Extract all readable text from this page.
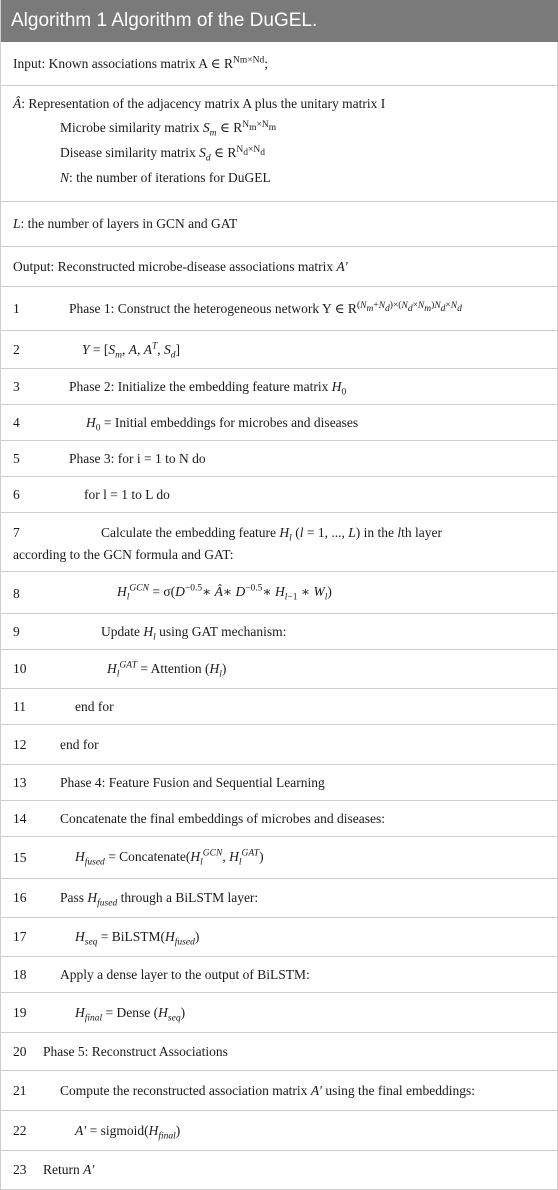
Algorithm 1 Algorithm of the DuGEL.
Input: Known associations matrix A ∈ $R^{Nm\times Nd}$;
Â: Representation of the adjacency matrix A plus the unitary matrix I
Microbe similarity matrix $S_m$ ∈ $R^{N_m\times N_m}$
Disease similarity matrix $S_d$ ∈ $R^{N_d\times N_d}$
N: the number of iterations for DuGEL
L: the number of layers in GCN and GAT
Output: Reconstructed microbe-disease associations matrix A′
1	Phase 1: Construct the heterogeneous network Y ∈ $R^{(N_m+N_d)\times(N_d\times N_m)N_d\times N_d}$
2	$Y = [S_m$, A, $A^T$, $S_d$]
3	Phase 2: Initialize the embedding feature matrix $H_0$
4	$H_0$ = Initial embeddings for microbes and diseases
5	Phase 3: for i = 1 to N do
6	for l = 1 to L do
7	Calculate the embedding feature $H_l$ (l = 1, ..., L) in the lth layer
according to the GCN formula and GAT:
8	$H_l^{GCN}$ = $\sigma(D^{-0.5}∗$ Â∗ $D^{-0.5}∗$ $H_{l-1}$ ∗ $W_l$)
9	Update $H_l$ using GAT mechanism:
10	$H_l^{GAT}$ = Attention $(H_l)$
11	end for
12 end for
13 Phase 4: Feature Fusion and Sequential Learning
14 Concatenate the final embeddings of microbes and diseases:
15	$H_{fused}$ = $Concatenate(H_l^{GCN}$, $H_l^{GAT}$)
16 Pass $H_{fused}$ through a BiLSTM layer:
17	$H_{seq}$ = $BiLSTM(H_{fused})$
18 Apply a dense layer to the output of BiLSTM:
19	$H_{final}$ = Dense $(H_{seq})$
20 Phase 5: Reconstruct Associations
21 Compute the reconstructed association matrix A′ using the final embeddings:
22	$A' = sigmoid(H_{final})$
23 Return A′
